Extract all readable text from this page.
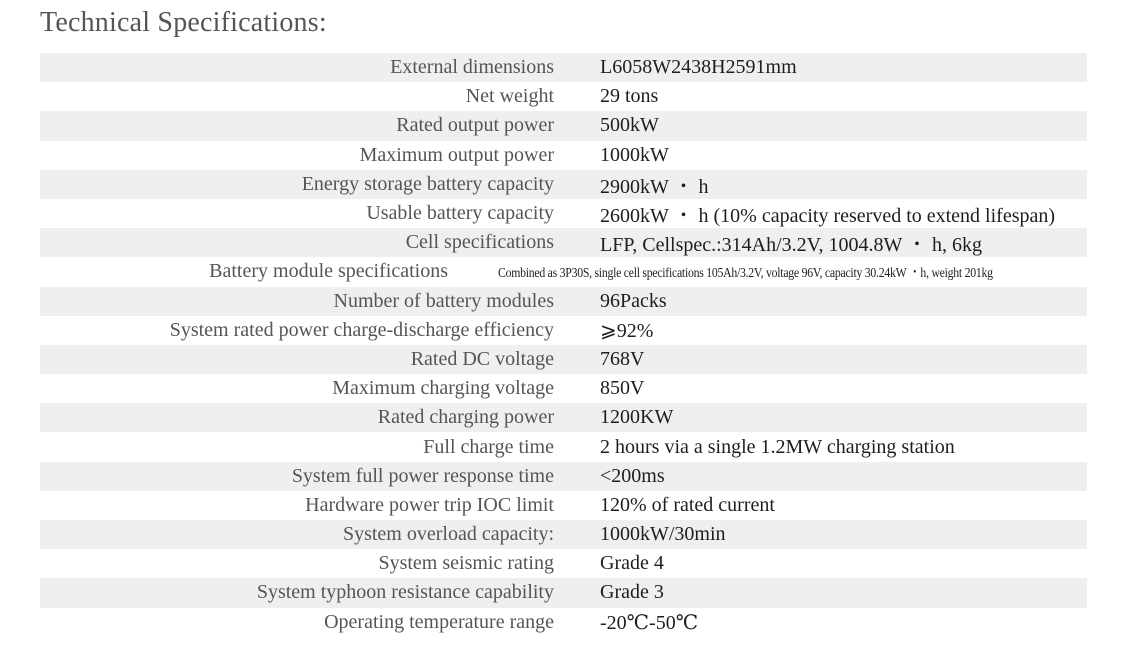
Technical Specifications:
External dimensions L6058W2438H2591mm
Net weight 29 tons
Rated output power 500kW
Maximum output power 1000kW
Energy storage battery capacity 2900kW ・ h
Usable battery capacity 2600kW ・ h (10% capacity reserved to extend lifespan)
Cell specifications LFP, Cellspec.:314Ah/3.2V, 1004.8W ・ h, 6kg
Battery module specifications	Combined as 3P30S, single cell specifications 105Ah/3.2V, voltage 96V, capacity 30.24kW ・h, weight 201kg
Number of battery modules 96Packs
System rated power charge-discharge efficiency ⩾92%
Rated DC voltage 768V
Maximum charging voltage 850V
Rated charging power 1200KW
Full charge time 2 hours via a single 1.2MW charging station
System full power response time <200ms
Hardware power trip IOC limit 120% of rated current
System overload capacity: 1000kW/30min
System seismic rating Grade 4
System typhoon resistance capability Grade 3
Operating temperature range -20℃-50℃
